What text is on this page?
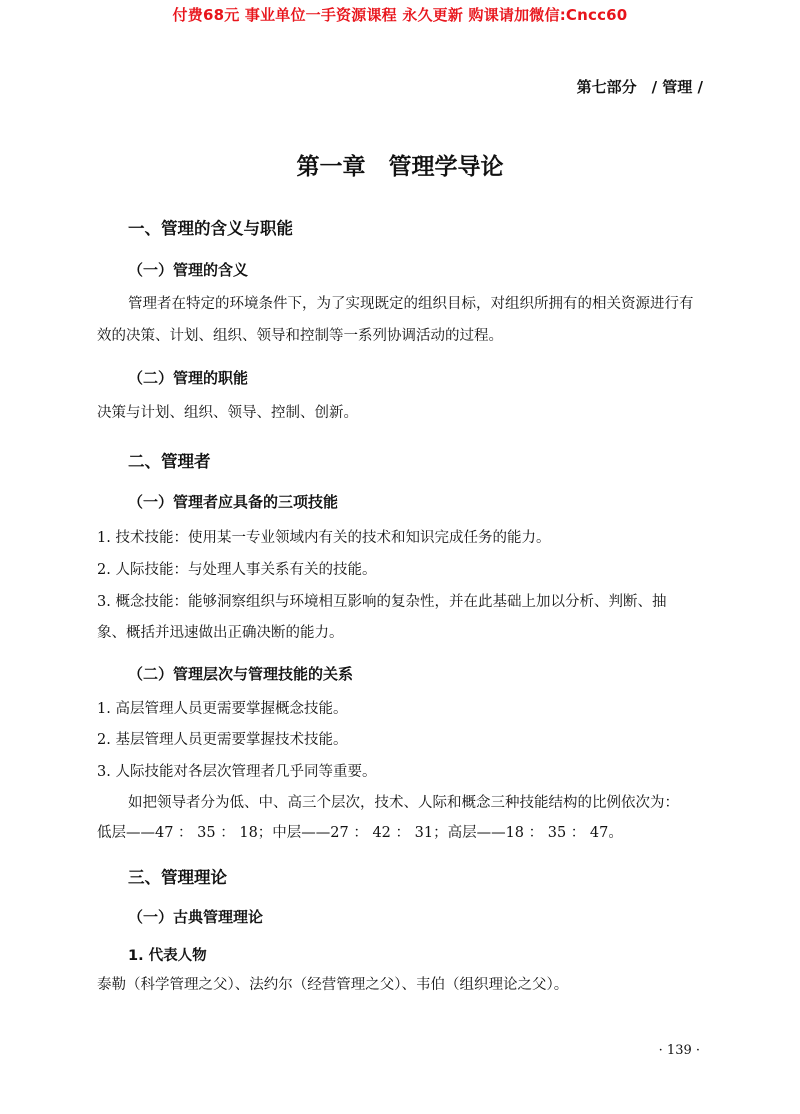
付费68元 事业单位一手资源课程 永久更新 购课请加微信:Cncc60
第七部分　/ 管理 /
第一章　管理学导论
一、管理的含义与职能
（一）管理的含义
管理者在特定的环境条件下，为了实现既定的组织目标，对组织所拥有的相关资源进行有
效的决策、计划、组织、领导和控制等一系列协调活动的过程。
（二）管理的职能
决策与计划、组织、领导、控制、创新。
二、管理者
（一）管理者应具备的三项技能
1. 技术技能：使用某一专业领域内有关的技术和知识完成任务的能力。
2. 人际技能：与处理人事关系有关的技能。
3. 概念技能：能够洞察组织与环境相互影响的复杂性，并在此基础上加以分析、判断、抽
象、概括并迅速做出正确决断的能力。
（二）管理层次与管理技能的关系
1. 高层管理人员更需要掌握概念技能。
2. 基层管理人员更需要掌握技术技能。
3. 人际技能对各层次管理者几乎同等重要。
如把领导者分为低、中、高三个层次，技术、人际和概念三种技能结构的比例依次为：
低层——47 ： 35 ： 18；中层——27 ： 42 ： 31；高层——18 ： 35 ： 47。
三、管理理论
（一）古典管理理论
1. 代表人物
泰勒（科学管理之父）、法约尔（经营管理之父）、韦伯（组织理论之父）。
· 139 ·
